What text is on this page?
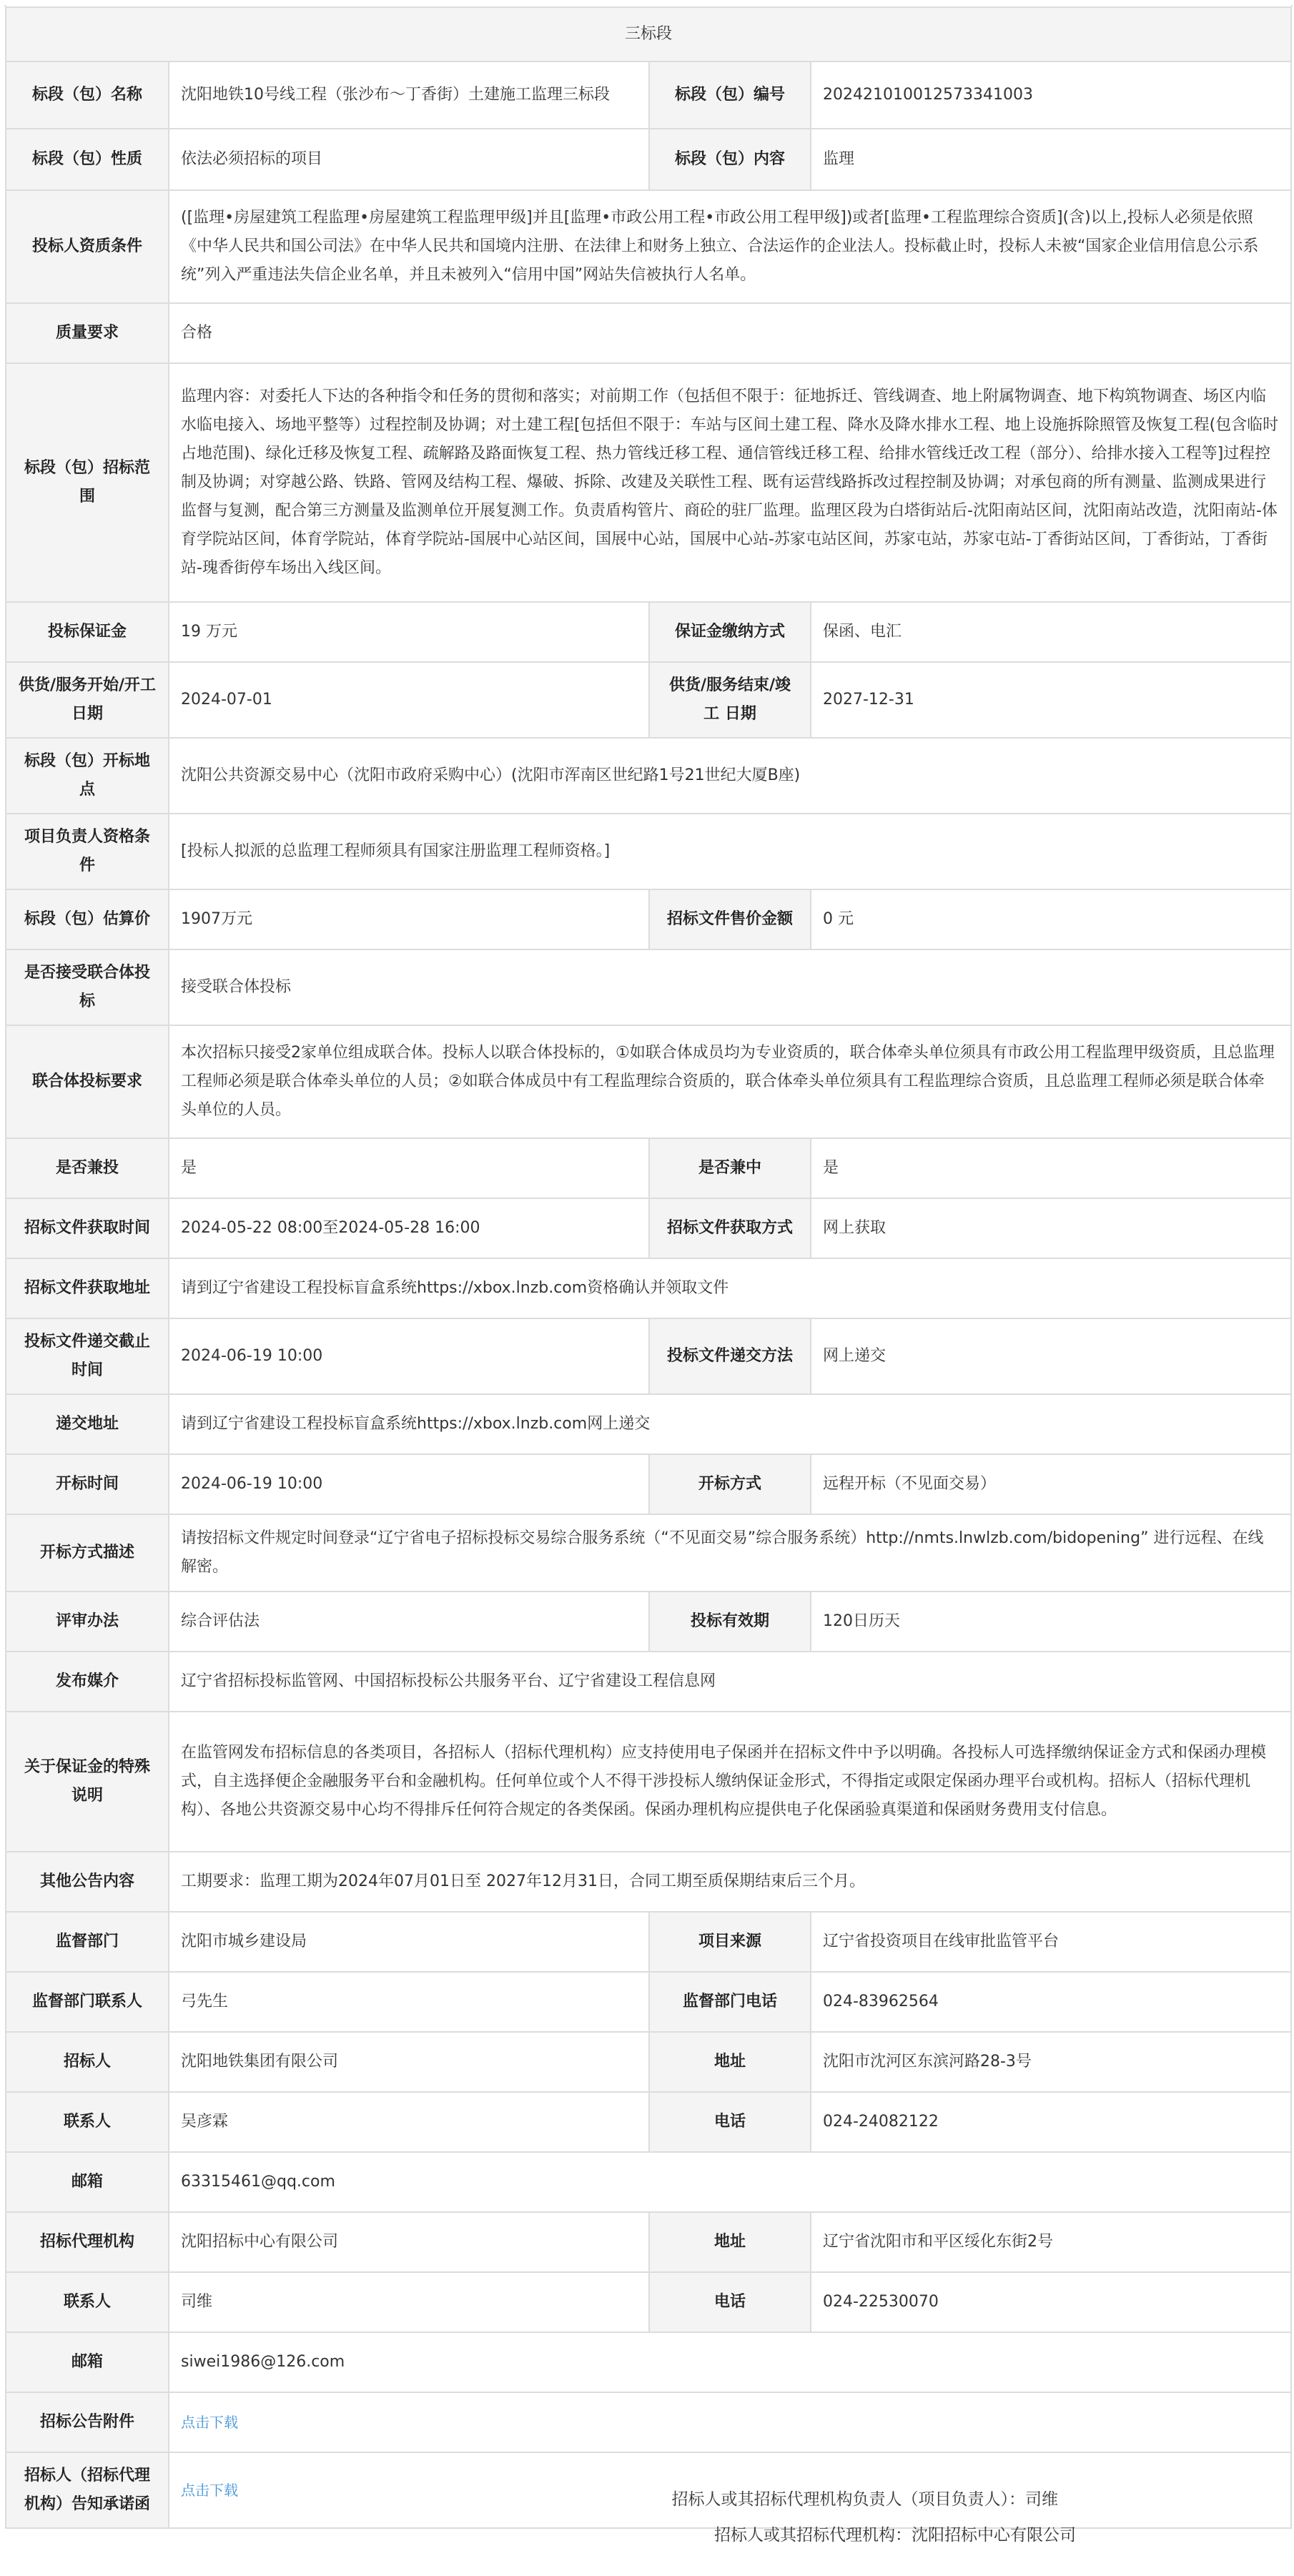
三标段			
标段（包）名称	沈阳地铁10号线工程（张沙布～丁香街）土建施工监理三标段	标段（包）编号	202421010012573341003
标段（包）性质	依法必须招标的项目	标段（包）内容	监理
投标人资质条件	([监理•房屋建筑工程监理•房屋建筑工程监理甲级]并且[监理•市政公用工程•市政公用工程甲级])或者[监理•工程监理综合资质](含)以上,投标人必须是依照《中华人民共和国公司法》在中华人民共和国境内注册、在法律上和财务上独立、合法运作的企业法人。投标截止时，投标人未被“国家企业信用信息公示系统”列入严重违法失信企业名单，并且未被列入“信用中国”网站失信被执行人名单。		
质量要求	合格		
标段（包）招标范围	监理内容：对委托人下达的各种指令和任务的贯彻和落实；对前期工作（包括但不限于：征地拆迁、管线调查、地上附属物调查、地下构筑物调查、场区内临水临电接入、场地平整等）过程控制及协调；对土建工程[包括但不限于：车站与区间土建工程、降水及降水排水工程、地上设施拆除照管及恢复工程(包含临时占地范围)、绿化迁移及恢复工程、疏解路及路面恢复工程、热力管线迁移工程、通信管线迁移工程、给排水管线迁改工程（部分）、给排水接入工程等]过程控制及协调；对穿越公路、铁路、管网及结构工程、爆破、拆除、改建及关联性工程、既有运营线路拆改过程控制及协调；对承包商的所有测量、监测成果进行监督与复测，配合第三方测量及监测单位开展复测工作。负责盾构管片、商砼的驻厂监理。监理区段为白塔街站后-沈阳南站区间，沈阳南站改造，沈阳南站-体育学院站区间，体育学院站，体育学院站-国展中心站区间，国展中心站，国展中心站-苏家屯站区间，苏家屯站，苏家屯站-丁香街站区间，丁香街站，丁香街站-瑰香街停车场出入线区间。		
投标保证金	19 万元	保证金缴纳方式	保函、电汇
供货/服务开始/开工 日期	2024-07-01	供货/服务结束/竣工 日期	2027-12-31
标段（包）开标地点	沈阳公共资源交易中心（沈阳市政府采购中心）(沈阳市浑南区世纪路1号21世纪大厦B座)		
项目负责人资格条件	[投标人拟派的总监理工程师须具有国家注册监理工程师资格。]		
标段（包）估算价	1907万元	招标文件售价金额	0 元
是否接受联合体投标	接受联合体投标		
联合体投标要求	本次招标只接受2家单位组成联合体。投标人以联合体投标的，①如联合体成员均为专业资质的，联合体牵头单位须具有市政公用工程监理甲级资质，且总监理工程师必须是联合体牵头单位的人员；②如联合体成员中有工程监理综合资质的，联合体牵头单位须具有工程监理综合资质，且总监理工程师必须是联合体牵头单位的人员。		
是否兼投	是	是否兼中	是
招标文件获取时间	2024-05-22 08:00至2024-05-28 16:00	招标文件获取方式	网上获取
招标文件获取地址	请到辽宁省建设工程投标盲盒系统https://xbox.lnzb.com资格确认并领取文件		
投标文件递交截止时间	2024-06-19 10:00	投标文件递交方法	网上递交
递交地址	请到辽宁省建设工程投标盲盒系统https://xbox.lnzb.com网上递交		
开标时间	2024-06-19 10:00	开标方式	远程开标（不见面交易）
开标方式描述	请按招标文件规定时间登录“辽宁省电子招标投标交易综合服务系统（“不见面交易”综合服务系统）http://nmts.lnwlzb.com/bidopening” 进行远程、在线解密。		
评审办法	综合评估法	投标有效期	120日历天
发布媒介	辽宁省招标投标监管网、中国招标投标公共服务平台、辽宁省建设工程信息网		
关于保证金的特殊说明	在监管网发布招标信息的各类项目，各招标人（招标代理机构）应支持使用电子保函并在招标文件中予以明确。各投标人可选择缴纳保证金方式和保函办理模式，自主选择便企金融服务平台和金融机构。任何单位或个人不得干涉投标人缴纳保证金形式，不得指定或限定保函办理平台或机构。招标人（招标代理机构）、各地公共资源交易中心均不得排斥任何符合规定的各类保函。保函办理机构应提供电子化保函验真渠道和保函财务费用支付信息。		
其他公告内容	工期要求：监理工期为2024年07月01日至 2027年12月31日，合同工期至质保期结束后三个月。		
监督部门	沈阳市城乡建设局	项目来源	辽宁省投资项目在线审批监管平台
监督部门联系人	弓先生	监督部门电话	024-83962564
招标人	沈阳地铁集团有限公司	地址	沈阳市沈河区东滨河路28-3号
联系人	吴彦霖	电话	024-24082122
邮箱	63315461@qq.com		
招标代理机构	沈阳招标中心有限公司	地址	辽宁省沈阳市和平区绥化东街2号
联系人	司维	电话	024-22530070
邮箱	siwei1986@126.com		
招标公告附件	点击下载		
招标人（招标代理机构）告知承诺函	点击下载		
招标人或其招标代理机构负责人（项目负责人）：司维
招标人或其招标代理机构：沈阳招标中心有限公司
